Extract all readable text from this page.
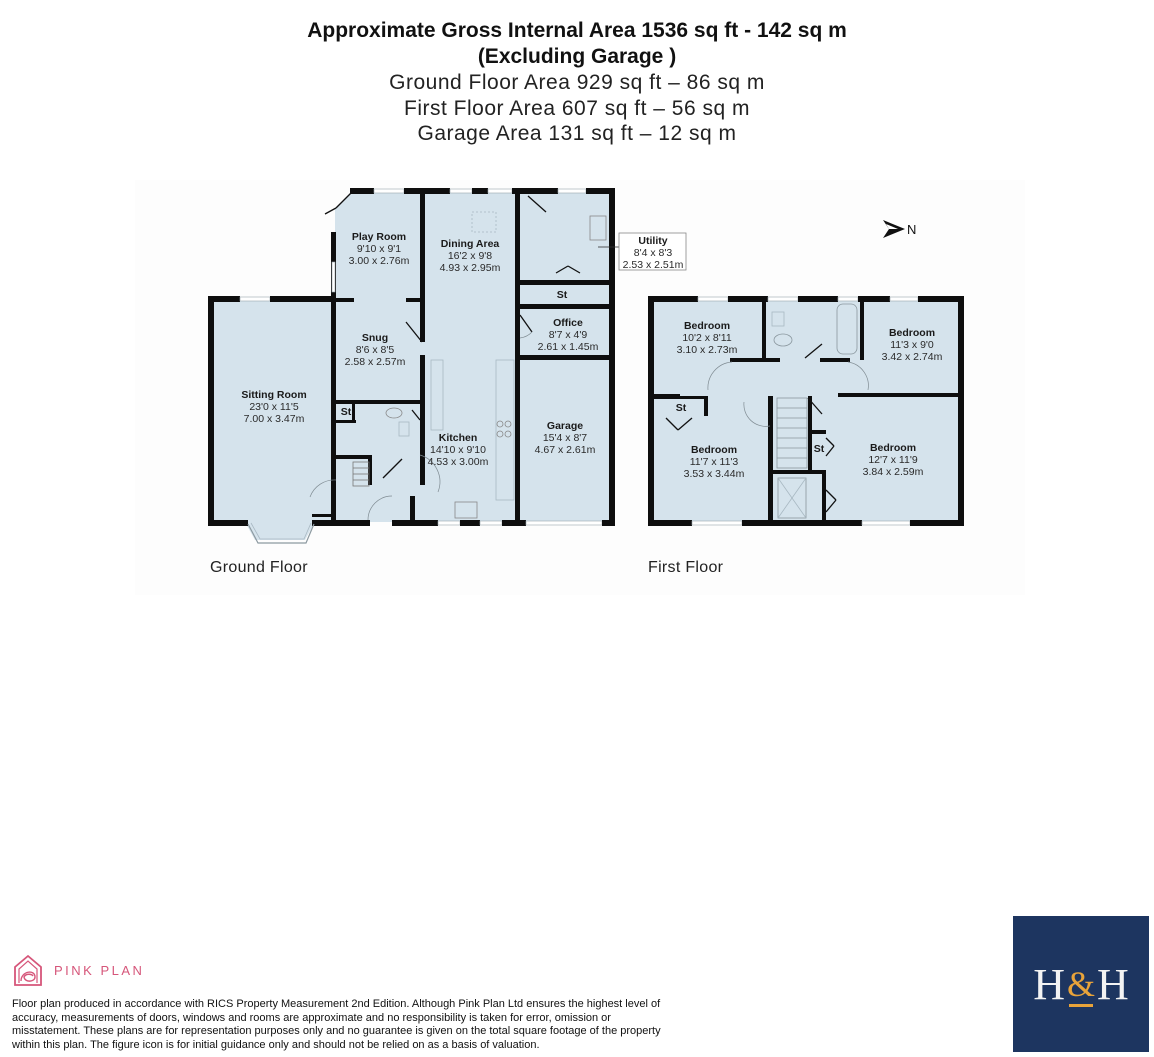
Approximate Gross Internal Area 1536 sq ft - 142 sq m
(Excluding Garage )
Ground Floor Area 929 sq ft – 86 sq m
First Floor Area 607 sq ft – 56 sq m
Garage Area 131 sq ft – 12 sq m
Play Room
9'10 x 9'1
3.00 x 2.76m
Dining Area
16'2 x 9'8
4.93 x 2.95m
Utility
8'4 x 8'3
2.53 x 2.51m
St
Office
8'7 x 4'9
2.61 x 1.45m
Snug
8'6 x 8'5
2.58 x 2.57m
Sitting Room
23'0 x 11'5
7.00 x 3.47m
St
Kitchen
14'10 x 9'10
4.53 x 3.00m
Garage
15'4 x 8'7
4.67 x 2.61m
Bedroom
10'2 x 8'11
3.10 x 2.73m
Bedroom
11'3 x 9'0
3.42 x 2.74m
St
Bedroom
11'7 x 11'3
3.53 x 3.44m
St	Bedroom
12'7 x 11'9
3.84 x 2.59m
Ground Floor	First Floor
N
PINK PLAN
Floor plan produced in accordance with RICS Property Measurement 2nd Edition. Although Pink Plan Ltd ensures the highest level of accuracy, measurements of doors, windows and rooms are approximate and no responsibility is taken for error, omission or misstatement. These plans are for representation purposes only and no guarantee is given on the total square footage of the property within this plan. The figure icon is for initial guidance only and should not be relied on as a basis of valuation.
H & H
